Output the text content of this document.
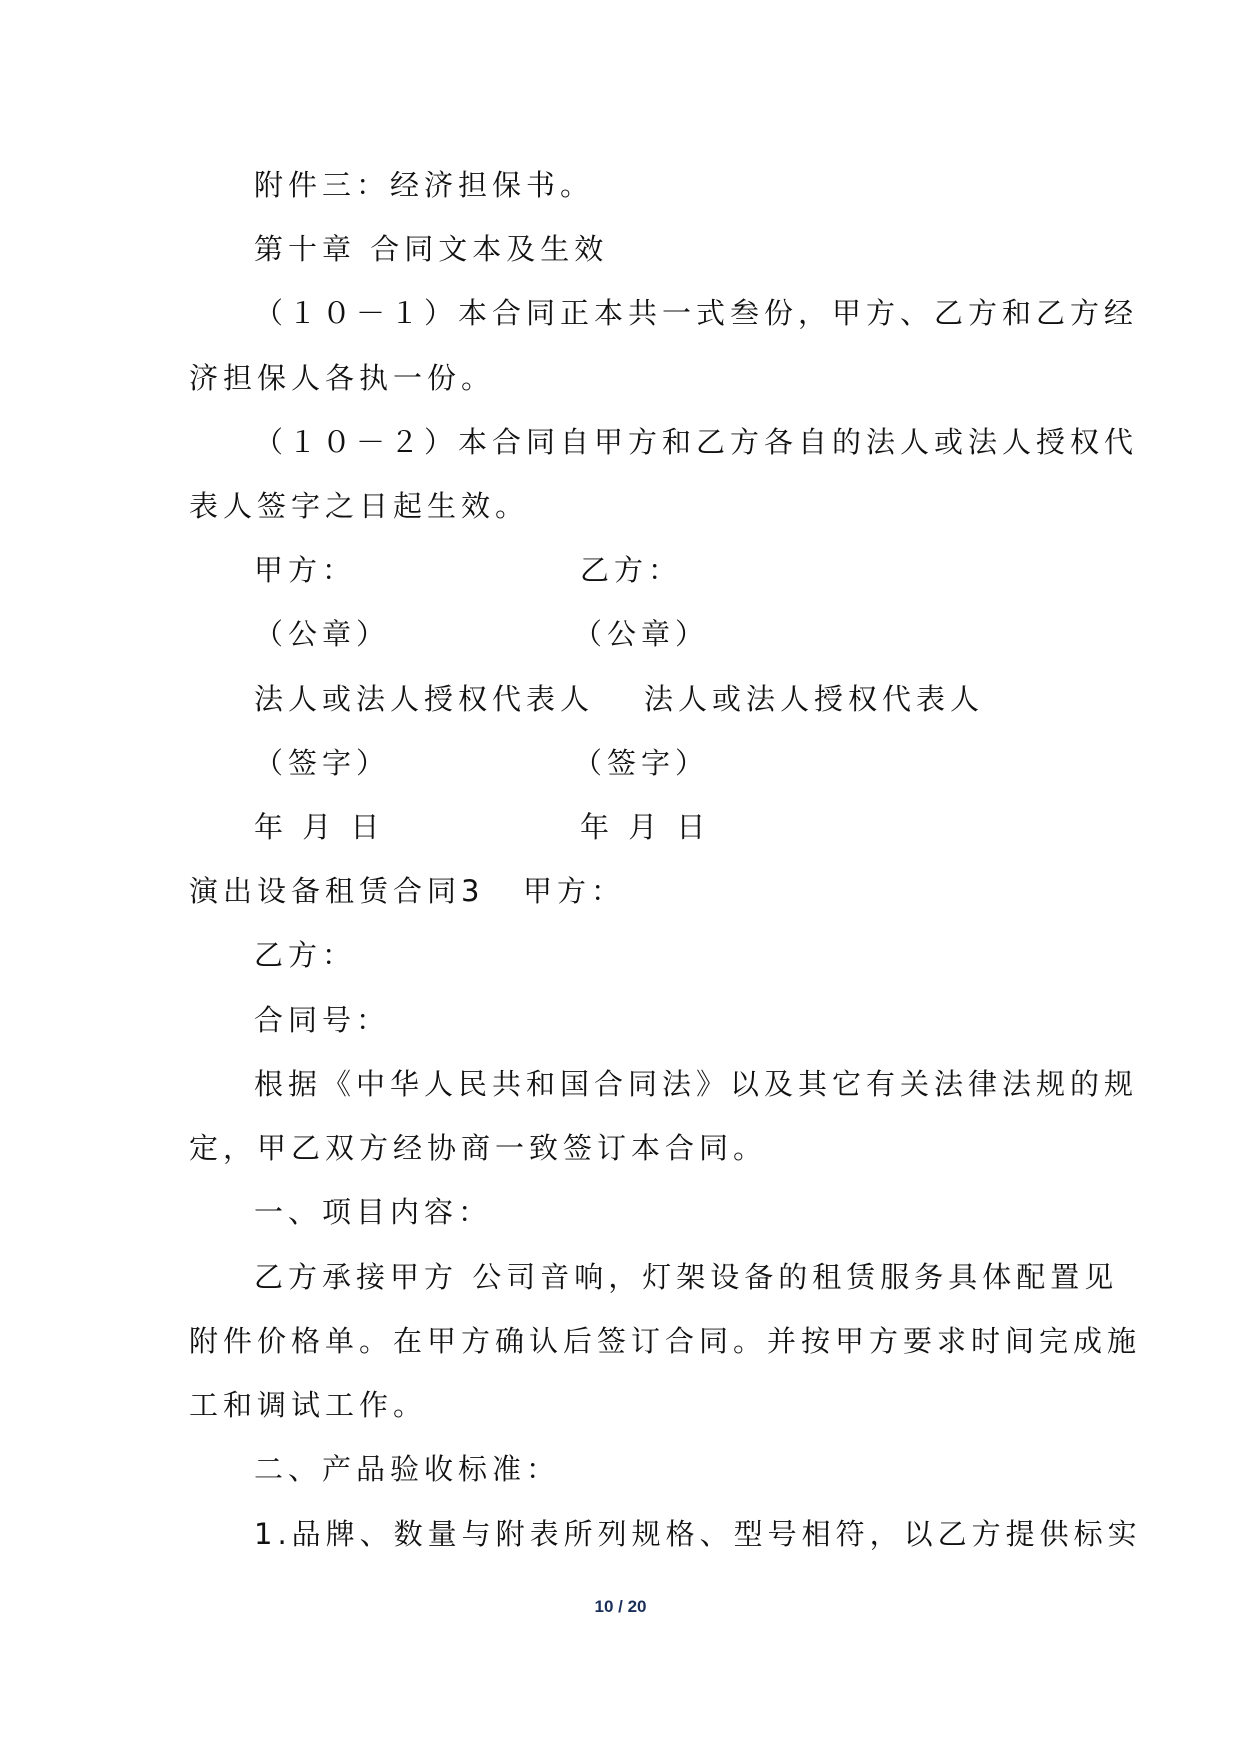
附件三：经济担保书。
第十章 合同文本及生效
（１０－１）本合同正本共一式叁份，甲方、乙方和乙方经
济担保人各执一份。
（１０－２）本合同自甲方和乙方各自的法人或法人授权代
表人签字之日起生效。
甲方：	乙方：
（公章）	（公章）
法人或法人授权代表人 法人或法人授权代表人
（签字）	（签字）
年 月 日	年 月 日
演出设备租赁合同3 甲方：
乙方：
合同号：
根据《中华人民共和国合同法》以及其它有关法律法规的规
定，甲乙双方经协商一致签订本合同。
一、项目内容：
乙方承接甲方 公司音响，灯架设备的租赁服务具体配置见
附件价格单。在甲方确认后签订合同。并按甲方要求时间完成施
工和调试工作。
二、产品验收标准：
1.品牌、数量与附表所列规格、型号相符，以乙方提供标实
10 / 20
